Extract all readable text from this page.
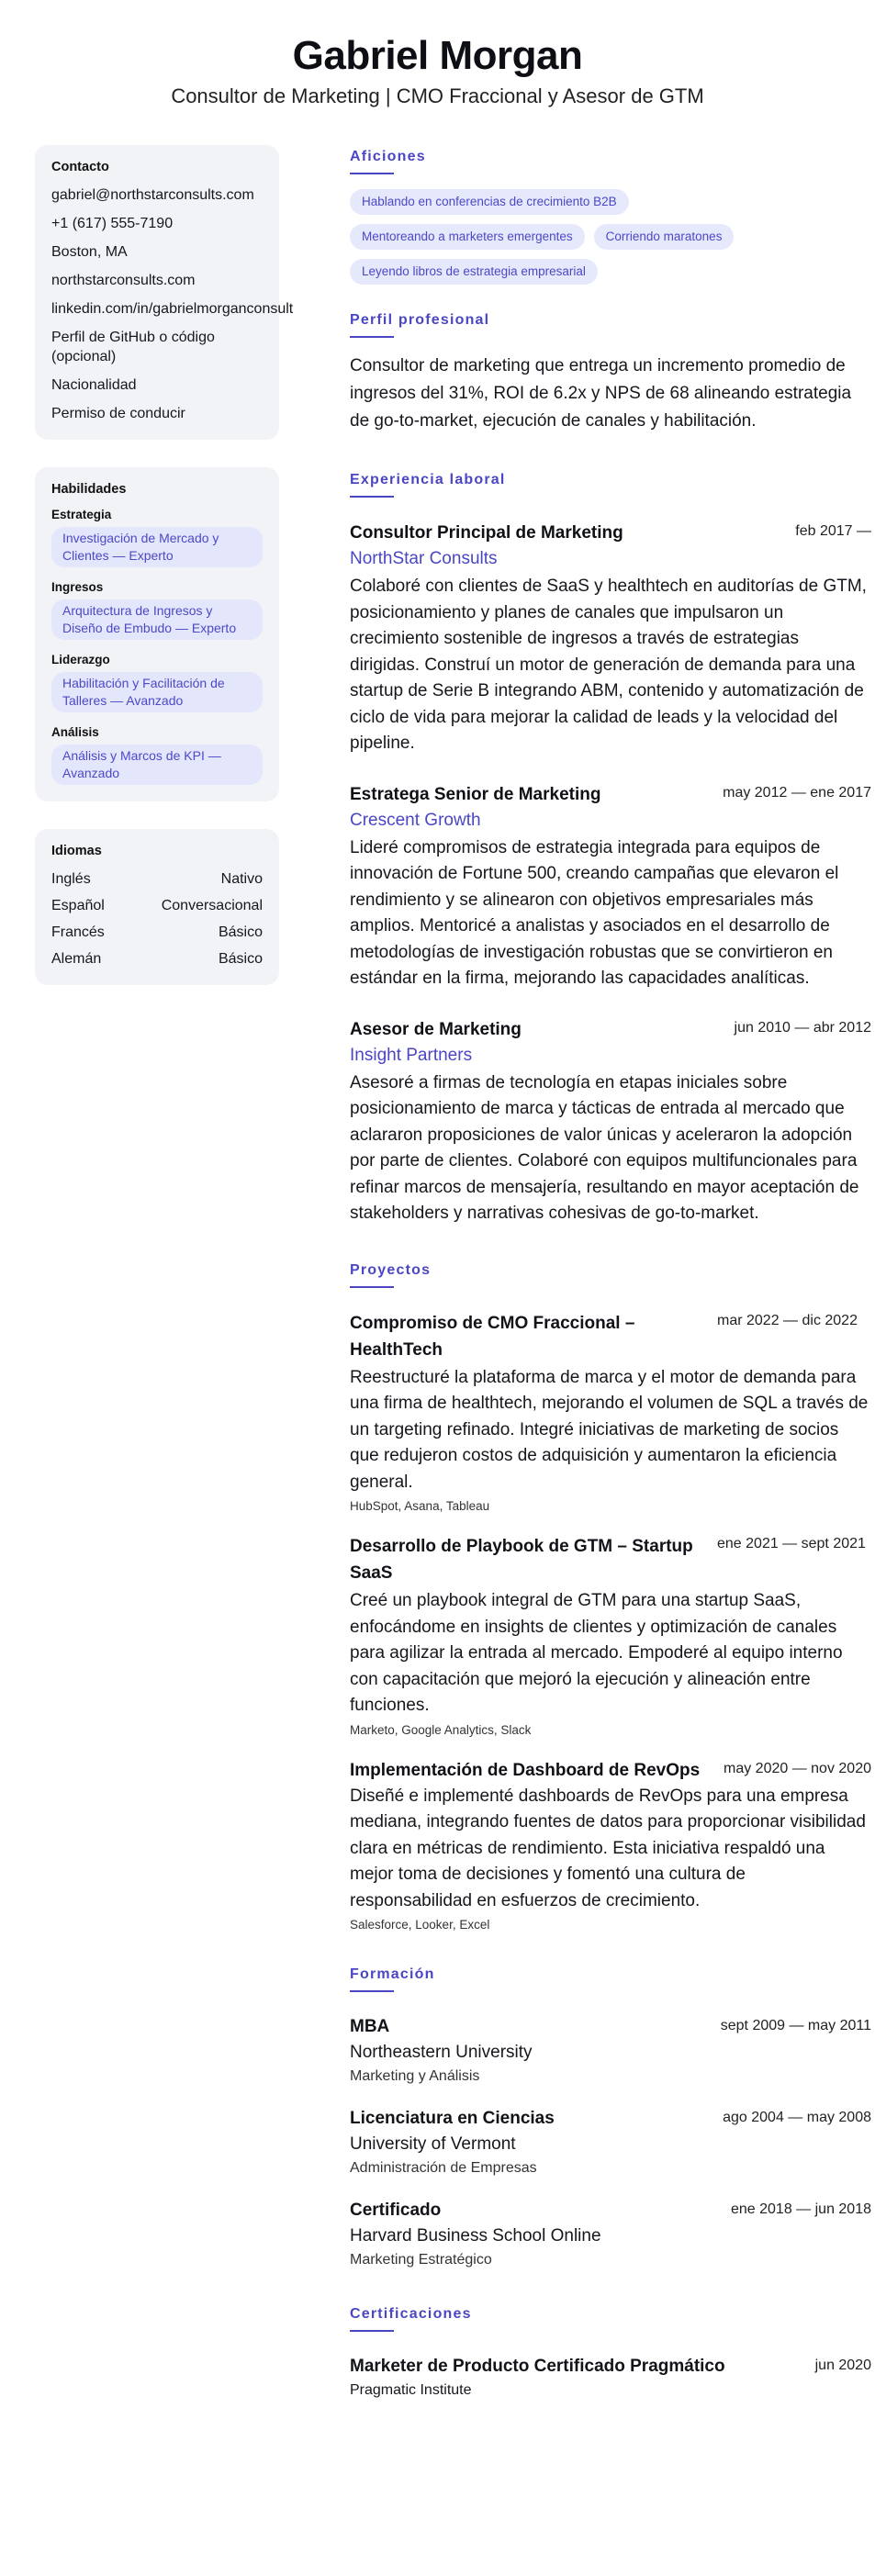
Gabriel Morgan
Consultor de Marketing | CMO Fraccional y Asesor de GTM
Contacto
gabriel@northstarconsults.com
+1 (617) 555-7190
Boston, MA
northstarconsults.com
linkedin.com/in/gabrielmorganconsult
Perfil de GitHub o código (opcional)
Nacionalidad
Permiso de conducir
Habilidades
Estrategia
Investigación de Mercado y Clientes — Experto
Ingresos
Arquitectura de Ingresos y Diseño de Embudo — Experto
Liderazgo
Habilitación y Facilitación de Talleres — Avanzado
Análisis
Análisis y Marcos de KPI — Avanzado
Idiomas
Inglés	Nativo
Español	Conversacional
Francés	Básico
Alemán	Básico
Aficiones
Hablando en conferencias de crecimiento B2B
Mentoreando a marketers emergentes	Corriendo maratones
Leyendo libros de estrategia empresarial
Perfil profesional

Consultor de marketing que entrega un incremento promedio de ingresos del 31%, ROI de 6.2x y NPS de 68 alineando estrategia de go-to-market, ejecución de canales y habilitación.

Experiencia laboral
Consultor Principal de Marketing	feb 2017 —
NorthStar Consults

Colaboré con clientes de SaaS y healthtech en auditorías de GTM, posicionamiento y planes de canales que impulsaron un crecimiento sostenible de ingresos a través de estrategias dirigidas. Construí un motor de generación de demanda para una startup de Serie B integrando ABM, contenido y automatización de ciclo de vida para mejorar la calidad de leads y la velocidad del pipeline.

Estratega Senior de Marketing	may 2012 — ene 2017
Crescent Growth

Lideré compromisos de estrategia integrada para equipos de innovación de Fortune 500, creando campañas que elevaron el rendimiento y se alinearon con objetivos empresariales más amplios. Mentoricé a analistas y asociados en el desarrollo de metodologías de investigación robustas que se convirtieron en estándar en la firma, mejorando las capacidades analíticas.

Asesor de Marketing	jun 2010 — abr 2012
Insight Partners

Asesoré a firmas de tecnología en etapas iniciales sobre posicionamiento de marca y tácticas de entrada al mercado que aclararon proposiciones de valor únicas y aceleraron la adopción por parte de clientes. Colaboré con equipos multifuncionales para refinar marcos de mensajería, resultando en mayor aceptación de stakeholders y narrativas cohesivas de go-to-market.

Proyectos
Compromiso de CMO Fraccional – HealthTech
mar 2022 — dic 2022

Reestructuré la plataforma de marca y el motor de demanda para una firma de healthtech, mejorando el volumen de SQL a través de un targeting refinado. Integré iniciativas de marketing de socios que redujeron costos de adquisición y aumentaron la eficiencia general.

HubSpot, Asana, Tableau
Desarrollo de Playbook de GTM – Startup SaaS
ene 2021 — sept 2021

Creé un playbook integral de GTM para una startup SaaS, enfocándome en insights de clientes y optimización de canales para agilizar la entrada al mercado. Empoderé al equipo interno con capacitación que mejoró la ejecución y alineación entre funciones.

Marketo, Google Analytics, Slack
Implementación de Dashboard de RevOps may 2020 — nov 2020

Diseñé e implementé dashboards de RevOps para una empresa mediana, integrando fuentes de datos para proporcionar visibilidad clara en métricas de rendimiento. Esta iniciativa respaldó una mejor toma de decisiones y fomentó una cultura de responsabilidad en esfuerzos de crecimiento.

Salesforce, Looker, Excel
Formación
MBA	sept 2009 — may 2011
Northeastern University
Marketing y Análisis
Licenciatura en Ciencias	ago 2004 — may 2008
University of Vermont
Administración de Empresas
Certificado	ene 2018 — jun 2018
Harvard Business School Online
Marketing Estratégico
Certificaciones
Marketer de Producto Certificado Pragmático	jun 2020
Pragmatic Institute
